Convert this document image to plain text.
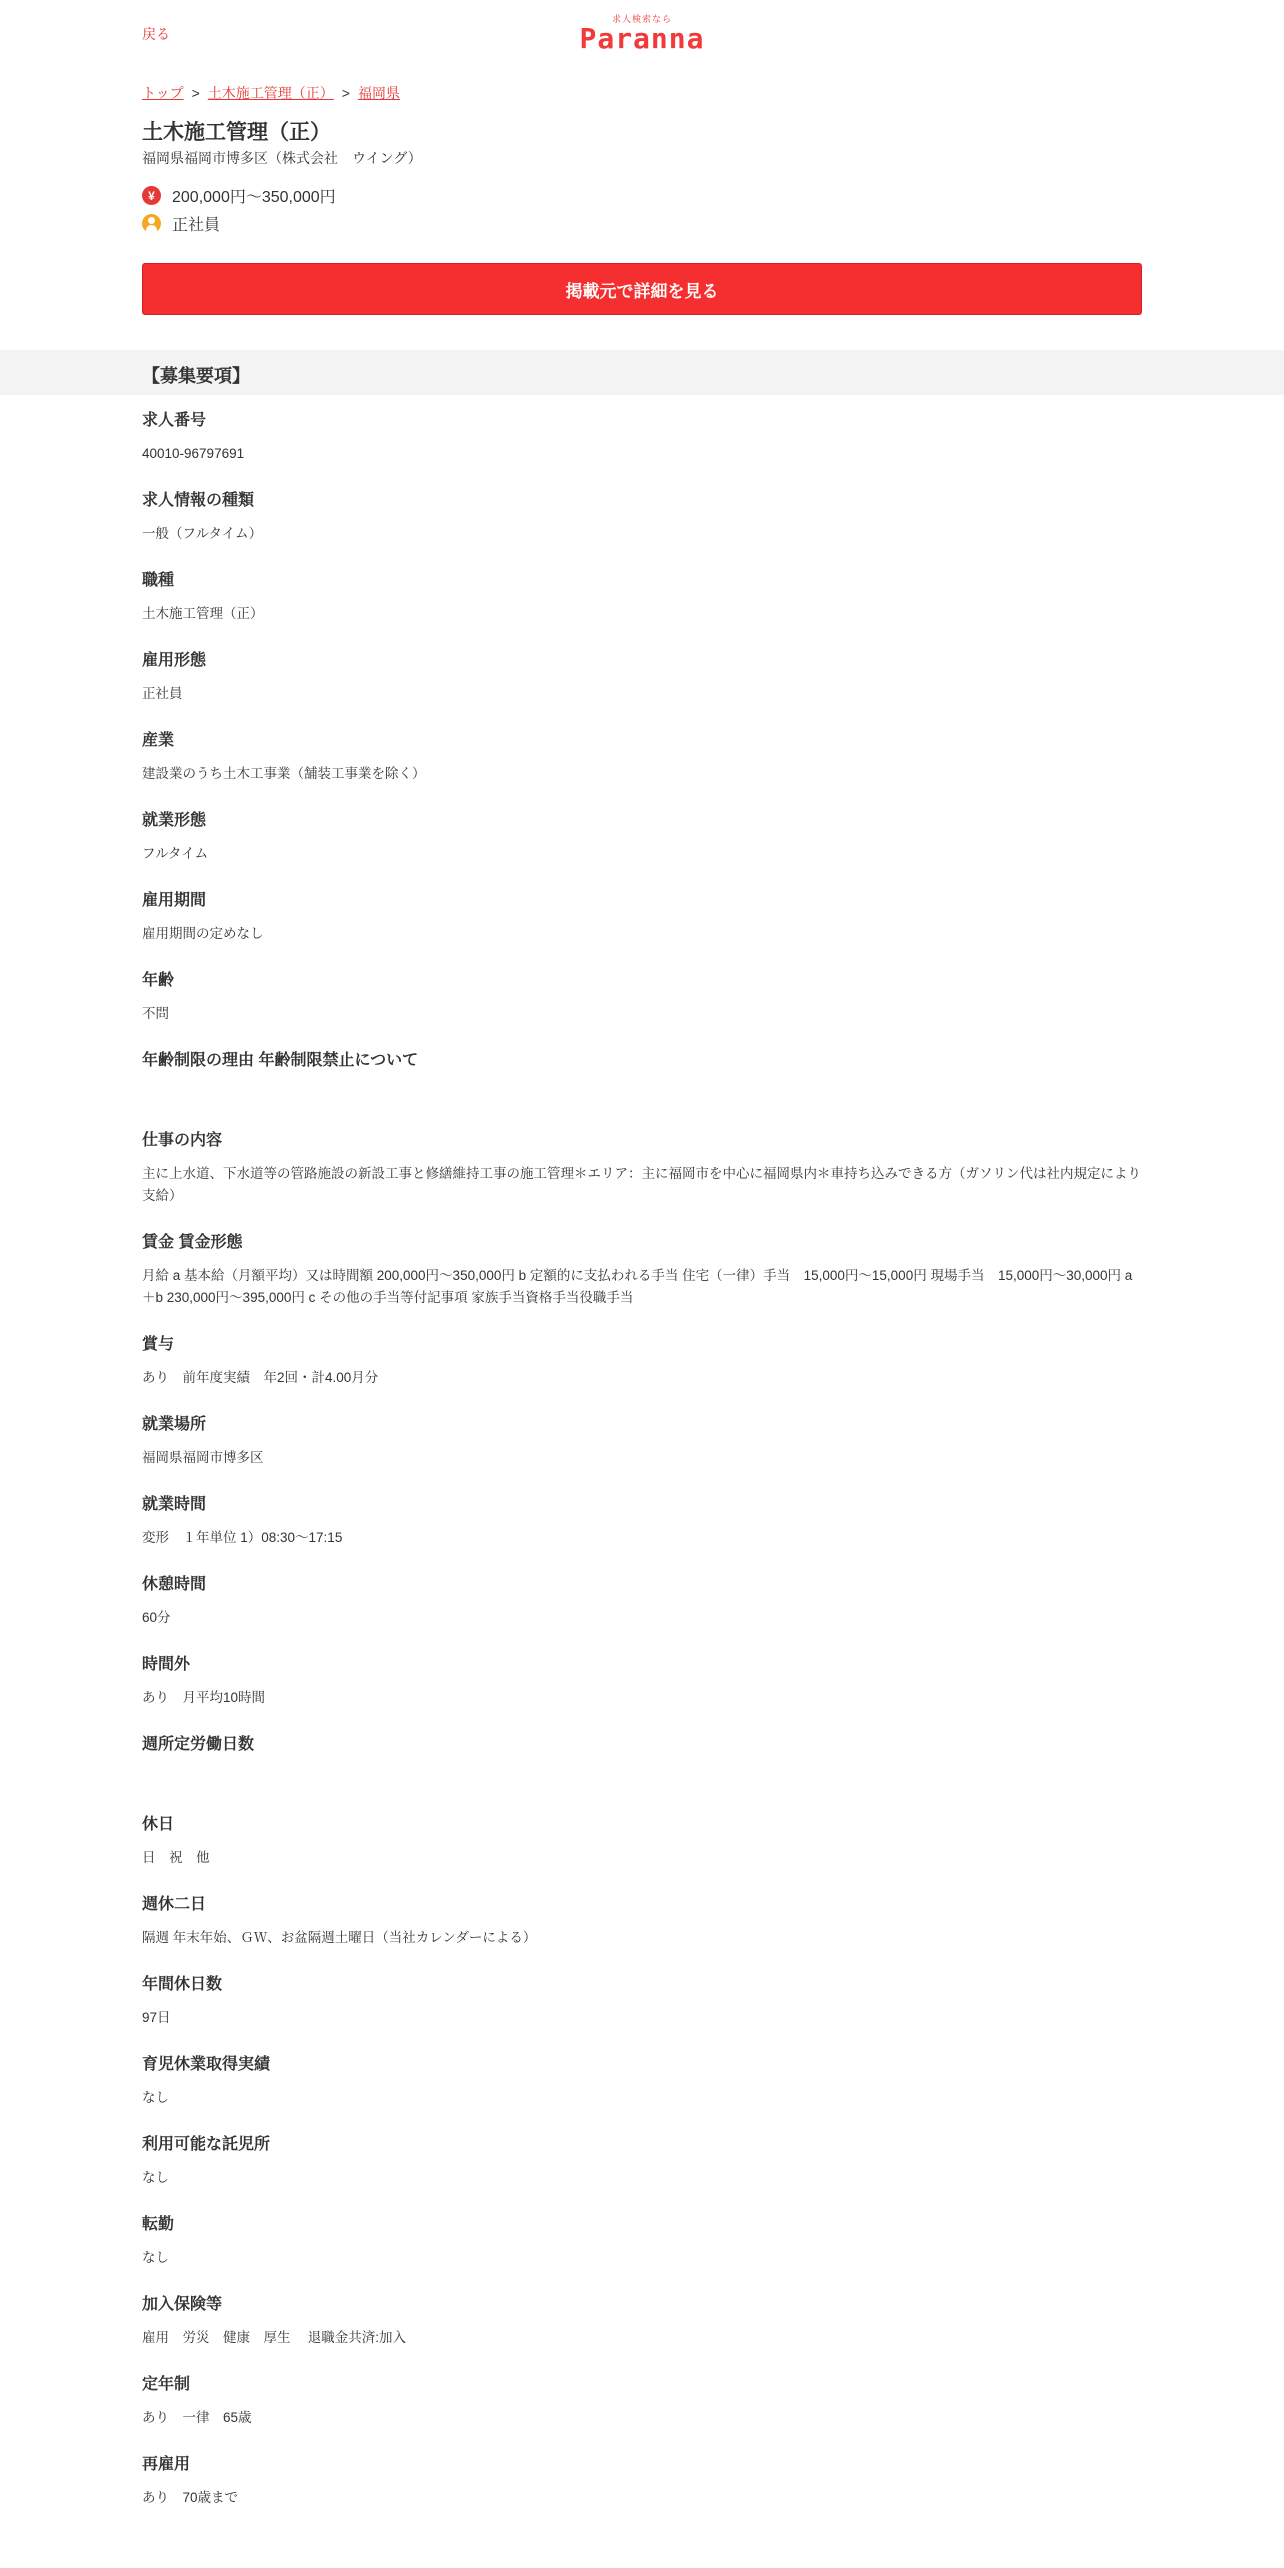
戻る
求人検索なら
Paranna
トップ > 土木施工管理（正） > 福岡県
土木施工管理（正）
福岡県福岡市博多区（株式会社　ウイング）
¥	200,000円～350,000円
正社員
掲載元で詳細を見る
【募集要項】
求人番号
40010-96797691
求人情報の種類
一般（フルタイム）
職種
土木施工管理（正）
雇用形態
正社員
産業
建設業のうち土木工事業（舗装工事業を除く）
就業形態
フルタイム
雇用期間
雇用期間の定めなし
年齢
不問
年齢制限の理由 年齢制限禁止について
仕事の内容
主に上水道、下水道等の管路施設の新設工事と修繕維持工事の施工管理＊エリア：主に福岡市を中心に福岡県内＊車持ち込みできる方（ガソリン代は社内規定により支給）
賃金 賃金形態
月給 a 基本給（月額平均）又は時間額 200,000円～350,000円 b 定額的に支払われる手当 住宅（一律）手当　15,000円～15,000円 現場手当　15,000円～30,000円 a＋b 230,000円～395,000円 c その他の手当等付記事項 家族手当資格手当役職手当
賞与
あり　前年度実績　年2回・計4.00月分
就業場所
福岡県福岡市博多区
就業時間
変形　１年単位 1）08:30～17:15
休憩時間
60分
時間外
あり　月平均10時間
週所定労働日数
休日
日　祝　他
週休二日
隔週 年末年始、ＧＷ、お盆隔週土曜日（当社カレンダーによる）
年間休日数
97日
育児休業取得実績
なし
利用可能な託児所
なし
転勤
なし
加入保険等
雇用　労災　健康　厚生　 退職金共済:加入
定年制
あり　一律　65歳
再雇用
あり　70歳まで
